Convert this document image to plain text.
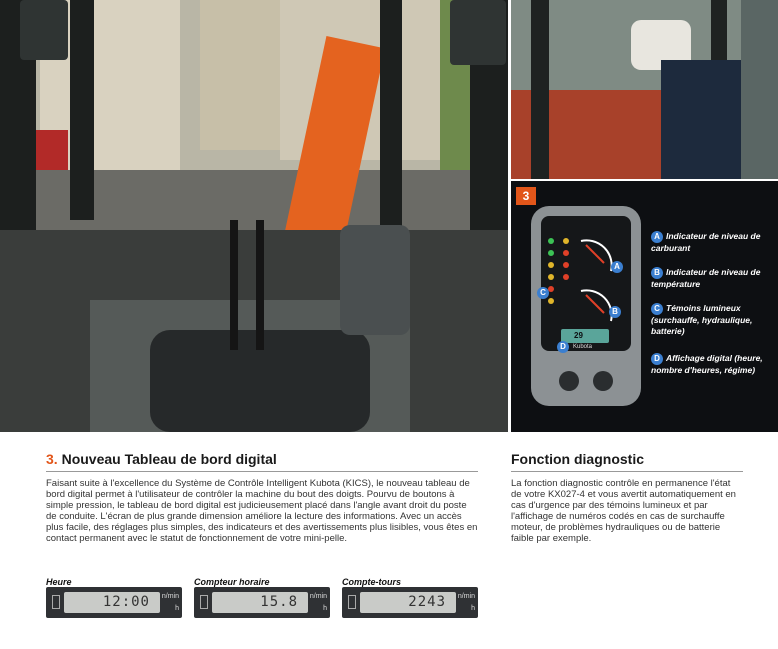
A
B
C
D
29
Kubota
A Indicateur de niveau de carburant
B Indicateur de niveau de température
C Témoins lumineux (surchauffe, hydraulique, batterie)
D Affichage digital (heure, nombre d'heures, régime)
3
3. Nouveau Tableau de bord digital

Faisant suite à l'excellence du Système de Contrôle Intelligent Kubota (KICS), le nouveau tableau de bord digital permet à l'utilisateur de contrôler la machine du bout des doigts. Pourvu de boutons à simple pression, le tableau de bord digital est judicieusement placé dans l'angle avant droit du poste de conduite. L'écran de plus grande dimension améliore la lecture des informations. Avec un accès plus facile, des réglages plus simples, des indicateurs et des avertissements plus lisibles, vous êtes en contact permanent avec le statut de fonctionnement de votre mini-pelle.

Heure
12:00 n/min
h
Compteur horaire
15.8 n/min
h
Compte-tours
2243 n/min
h
Fonction diagnostic

La fonction diagnostic contrôle en permanence l'état de votre KX027-4 et vous avertit automatiquement en cas d'urgence par des témoins lumineux et par l'affichage de numéros codés en cas de surchauffe moteur, de problèmes hydrauliques ou de batterie faible par exemple.
